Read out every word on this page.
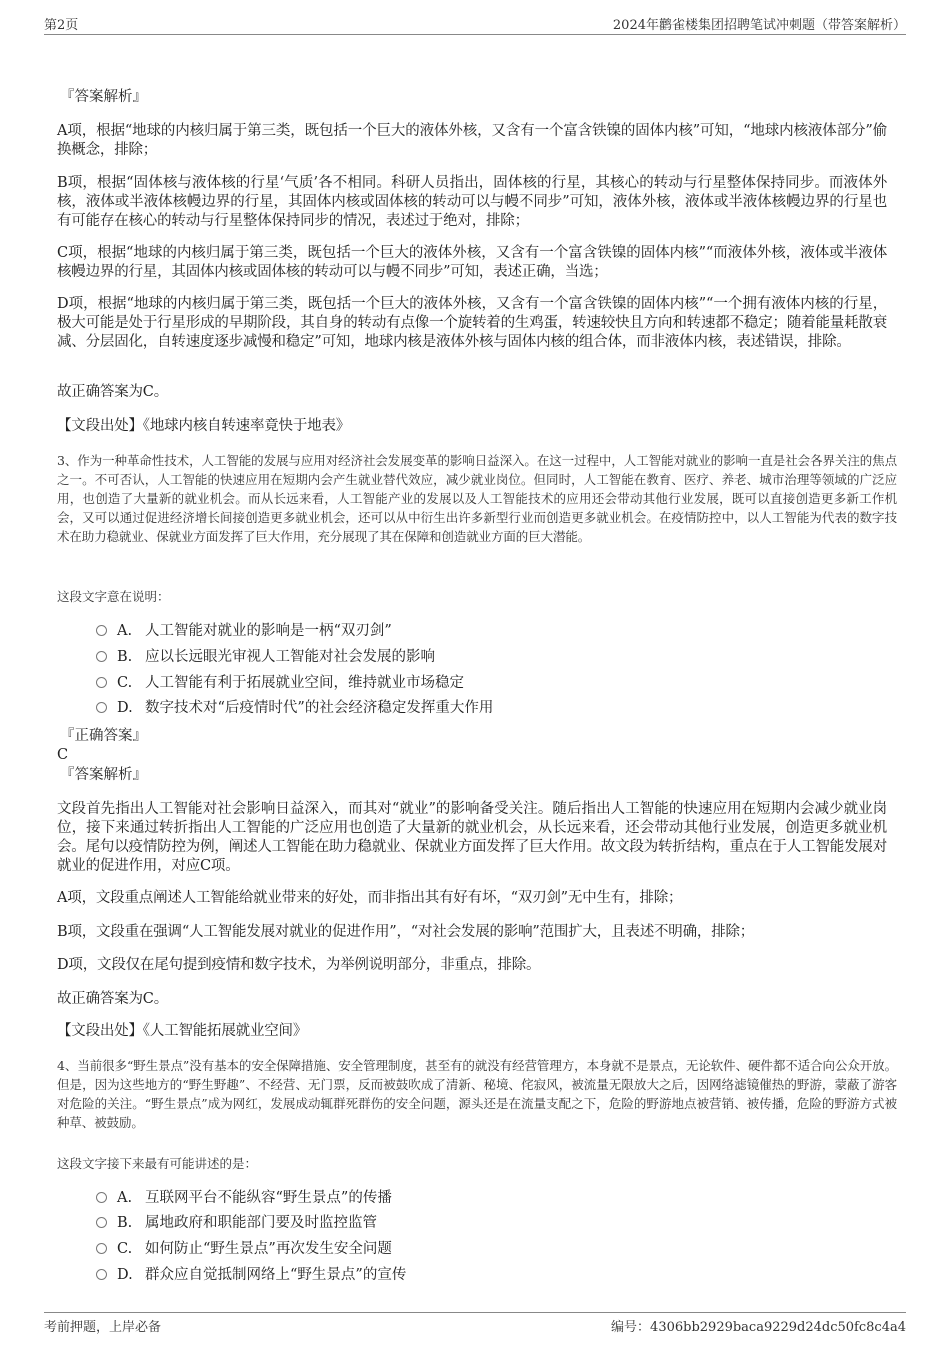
第2页	2024年鹳雀楼集团招聘笔试冲刺题（带答案解析）
『答案解析』
A项，根据“地球的内核归属于第三类，既包括一个巨大的液体外核，又含有一个富含铁镍的固体内核”可知，“地球内核液体部分”偷换概念，排除；
B项，根据“固体核与液体核的行星‘气质’各不相同。科研人员指出，固体核的行星，其核心的转动与行星整体保持同步。而液体外核，液体或半液体核幔边界的行星，其固体内核或固体核的转动可以与幔不同步”可知，液体外核，液体或半液体核幔边界的行星也有可能存在核心的转动与行星整体保持同步的情况，表述过于绝对，排除；
C项，根据“地球的内核归属于第三类，既包括一个巨大的液体外核，又含有一个富含铁镍的固体内核”“而液体外核，液体或半液体核幔边界的行星，其固体内核或固体核的转动可以与幔不同步”可知，表述正确，当选；
D项，根据“地球的内核归属于第三类，既包括一个巨大的液体外核，又含有一个富含铁镍的固体内核”“一个拥有液体内核的行星，极大可能是处于行星形成的早期阶段，其自身的转动有点像一个旋转着的生鸡蛋，转速较快且方向和转速都不稳定；随着能量耗散衰减、分层固化，自转速度逐步减慢和稳定”可知，地球内核是液体外核与固体内核的组合体，而非液体内核，表述错误，排除。
故正确答案为C。
【文段出处】《地球内核自转速率竟快于地表》
3、作为一种革命性技术，人工智能的发展与应用对经济社会发展变革的影响日益深入。在这一过程中，人工智能对就业的影响一直是社会各界关注的焦点之一。不可否认，人工智能的快速应用在短期内会产生就业替代效应，减少就业岗位。但同时，人工智能在教育、医疗、养老、城市治理等领域的广泛应用，也创造了大量新的就业机会。而从长远来看，人工智能产业的发展以及人工智能技术的应用还会带动其他行业发展，既可以直接创造更多新工作机会，又可以通过促进经济增长间接创造更多就业机会，还可以从中衍生出许多新型行业而创造更多就业机会。在疫情防控中，以人工智能为代表的数字技术在助力稳就业、保就业方面发挥了巨大作用，充分展现了其在保障和创造就业方面的巨大潜能。
这段文字意在说明：
A. 人工智能对就业的影响是一柄“双刃剑”
B. 应以长远眼光审视人工智能对社会发展的影响
C. 人工智能有利于拓展就业空间，维持就业市场稳定
D. 数字技术对“后疫情时代”的社会经济稳定发挥重大作用
『正确答案』
C
『答案解析』
文段首先指出人工智能对社会影响日益深入，而其对“就业”的影响备受关注。随后指出人工智能的快速应用在短期内会减少就业岗位，接下来通过转折指出人工智能的广泛应用也创造了大量新的就业机会，从长远来看，还会带动其他行业发展，创造更多就业机会。尾句以疫情防控为例，阐述人工智能在助力稳就业、保就业方面发挥了巨大作用。故文段为转折结构，重点在于人工智能发展对就业的促进作用，对应C项。
A项，文段重点阐述人工智能给就业带来的好处，而非指出其有好有坏，“双刃剑”无中生有，排除；
B项，文段重在强调“人工智能发展对就业的促进作用”，“对社会发展的影响”范围扩大，且表述不明确，排除；
D项，文段仅在尾句提到疫情和数字技术，为举例说明部分，非重点，排除。
故正确答案为C。
【文段出处】《人工智能拓展就业空间》
4、当前很多“野生景点”没有基本的安全保障措施、安全管理制度，甚至有的就没有经营管理方，本身就不是景点，无论软件、硬件都不适合向公众开放。但是，因为这些地方的“野生野趣”、不经营、无门票，反而被鼓吹成了清新、秘境、侘寂风，被流量无限放大之后，因网络滤镜催热的野游，蒙蔽了游客对危险的关注。“野生景点”成为网红，发展成动辄群死群伤的安全问题，源头还是在流量支配之下，危险的野游地点被营销、被传播，危险的野游方式被种草、被鼓励。
这段文字接下来最有可能讲述的是：
A. 互联网平台不能纵容“野生景点”的传播
B. 属地政府和职能部门要及时监控监管
C. 如何防止“野生景点”再次发生安全问题
D. 群众应自觉抵制网络上“野生景点”的宣传
考前押题，上岸必备	编号：4306bb2929baca9229d24dc50fc8c4a4
